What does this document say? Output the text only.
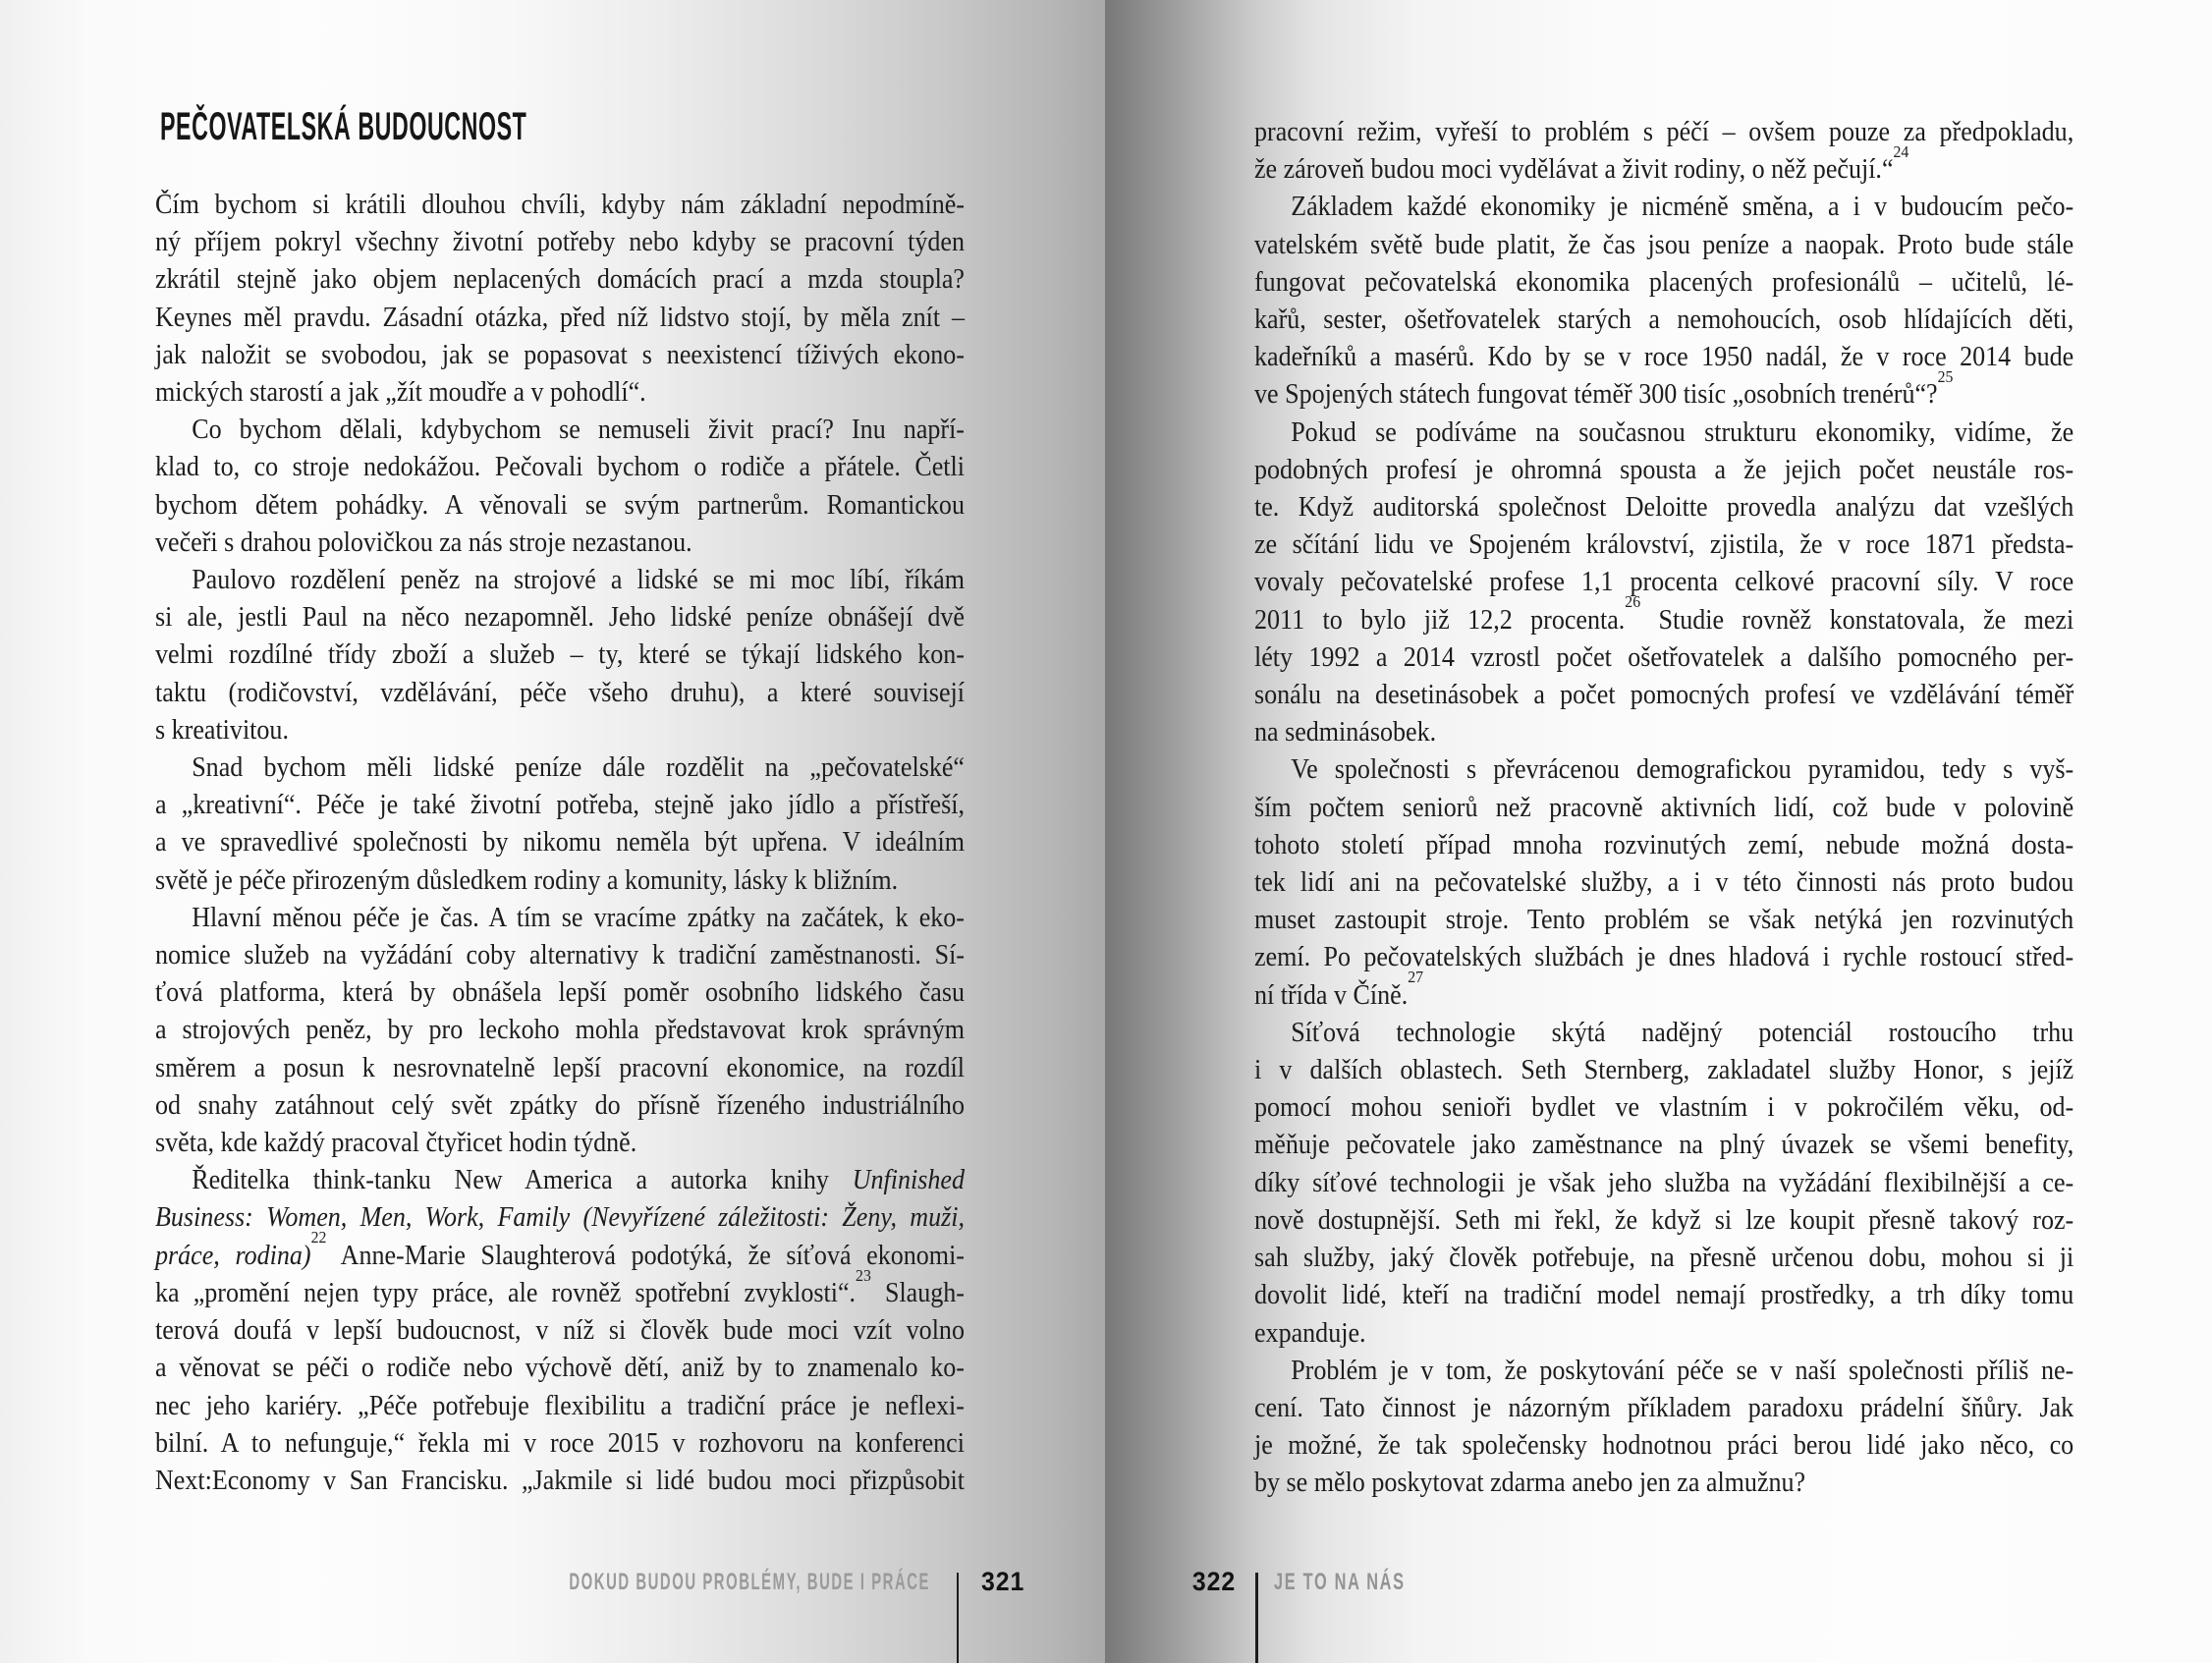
PEČOVATELSKÁ BUDOUCNOST
Čím bychom si krátili dlouhou chvíli, kdyby nám základní nepodmíně-
ný příjem pokryl všechny životní potřeby nebo kdyby se pracovní týden
zkrátil stejně jako objem neplacených domácích prací a mzda stoupla?
Keynes měl pravdu. Zásadní otázka, před níž lidstvo stojí, by měla znít –
jak naložit se svobodou, jak se popasovat s neexistencí tíživých ekono-
mických starostí a jak „žít moudře a v pohodlí“.
Co bychom dělali, kdybychom se nemuseli živit prací? Inu napří-
klad to, co stroje nedokážou. Pečovali bychom o rodiče a přátele. Četli
bychom dětem pohádky. A věnovali se svým partnerům. Romantickou
večeři s drahou polovičkou za nás stroje nezastanou.
Paulovo rozdělení peněz na strojové a lidské se mi moc líbí, říkám
si ale, jestli Paul na něco nezapomněl. Jeho lidské peníze obnášejí dvě
velmi rozdílné třídy zboží a služeb – ty, které se týkají lidského kon-
taktu (rodičovství, vzdělávání, péče všeho druhu), a které souvisejí
s kreativitou.
Snad bychom měli lidské peníze dále rozdělit na „pečovatelské“
a „kreativní“. Péče je také životní potřeba, stejně jako jídlo a přístřeší,
a ve spravedlivé společnosti by nikomu neměla být upřena. V ideálním
světě je péče přirozeným důsledkem rodiny a komunity, lásky k bližním.
Hlavní měnou péče je čas. A tím se vracíme zpátky na začátek, k eko-
nomice služeb na vyžádání coby alternativy k tradiční zaměstnanosti. Sí-
ťová platforma, která by obnášela lepší poměr osobního lidského času
a strojových peněz, by pro leckoho mohla představovat krok správným
směrem a posun k nesrovnatelně lepší pracovní ekonomice, na rozdíl
od snahy zatáhnout celý svět zpátky do přísně řízeného industriálního
světa, kde každý pracoval čtyřicet hodin týdně.
Ředitelka think-tanku New America a autorka knihy Unfinished
Business: Women, Men, Work, Family (Nevyřízené záležitosti: Ženy, muži,
práce, rodina)$^{22}$ Anne-Marie Slaughterová podotýká, že síťová ekonomi-
ka „promění nejen typy práce, ale rovněž spotřební zvyklosti“.$^{23}$ Slaugh-
terová doufá v lepší budoucnost, v níž si člověk bude moci vzít volno
a věnovat se péči o rodiče nebo výchově dětí, aniž by to znamenalo ko-
nec jeho kariéry. „Péče potřebuje flexibilitu a tradiční práce je neflexi-
bilní. A to nefunguje,“ řekla mi v roce 2015 v rozhovoru na konferenci
Next:Economy v San Francisku. „Jakmile si lidé budou moci přizpůsobit
pracovní režim, vyřeší to problém s péčí – ovšem pouze za předpokladu,
že zároveň budou moci vydělávat a živit rodiny, o něž pečují.“$^{24}$
Základem každé ekonomiky je nicméně směna, a i v budoucím pečo-
vatelském světě bude platit, že čas jsou peníze a naopak. Proto bude stále
fungovat pečovatelská ekonomika placených profesionálů – učitelů, lé-
kařů, sester, ošetřovatelek starých a nemohoucích, osob hlídajících děti,
kadeřníků a masérů. Kdo by se v roce 1950 nadál, že v roce 2014 bude
ve Spojených státech fungovat téměř 300 tisíc „osobních trenérů“?$^{25}$
Pokud se podíváme na současnou strukturu ekonomiky, vidíme, že
podobných profesí je ohromná spousta a že jejich počet neustále ros-
te. Když auditorská společnost Deloitte provedla analýzu dat vzešlých
ze sčítání lidu ve Spojeném království, zjistila, že v roce 1871 předsta-
vovaly pečovatelské profese 1,1 procenta celkové pracovní síly. V roce
2011 to bylo již 12,2 procenta.$^{26}$ Studie rovněž konstatovala, že mezi
léty 1992 a 2014 vzrostl počet ošetřovatelek a dalšího pomocného per-
sonálu na desetinásobek a počet pomocných profesí ve vzdělávání téměř
na sedminásobek.
Ve společnosti s převrácenou demografickou pyramidou, tedy s vyš-
ším počtem seniorů než pracovně aktivních lidí, což bude v polovině
tohoto století případ mnoha rozvinutých zemí, nebude možná dosta-
tek lidí ani na pečovatelské služby, a i v této činnosti nás proto budou
muset zastoupit stroje. Tento problém se však netýká jen rozvinutých
zemí. Po pečovatelských službách je dnes hladová i rychle rostoucí střed-
ní třída v Číně.$^{27}$
Síťová technologie skýtá nadějný potenciál rostoucího trhu
i v dalších oblastech. Seth Sternberg, zakladatel služby Honor, s jejíž
pomocí mohou senioři bydlet ve vlastním i v pokročilém věku, od-
měňuje pečovatele jako zaměstnance na plný úvazek se všemi benefity,
díky síťové technologii je však jeho služba na vyžádání flexibilnější a ce-
nově dostupnější. Seth mi řekl, že když si lze koupit přesně takový roz-
sah služby, jaký člověk potřebuje, na přesně určenou dobu, mohou si ji
dovolit lidé, kteří na tradiční model nemají prostředky, a trh díky tomu
expanduje.
Problém je v tom, že poskytování péče se v naší společnosti příliš ne-
cení. Tato činnost je názorným příkladem paradoxu prádelní šňůry. Jak
je možné, že tak společensky hodnotnou práci berou lidé jako něco, co
by se mělo poskytovat zdarma anebo jen za almužnu?
DOKUD BUDOU PROBLÉMY, BUDE I PRÁCE 321	322 JE TO NA NÁS
